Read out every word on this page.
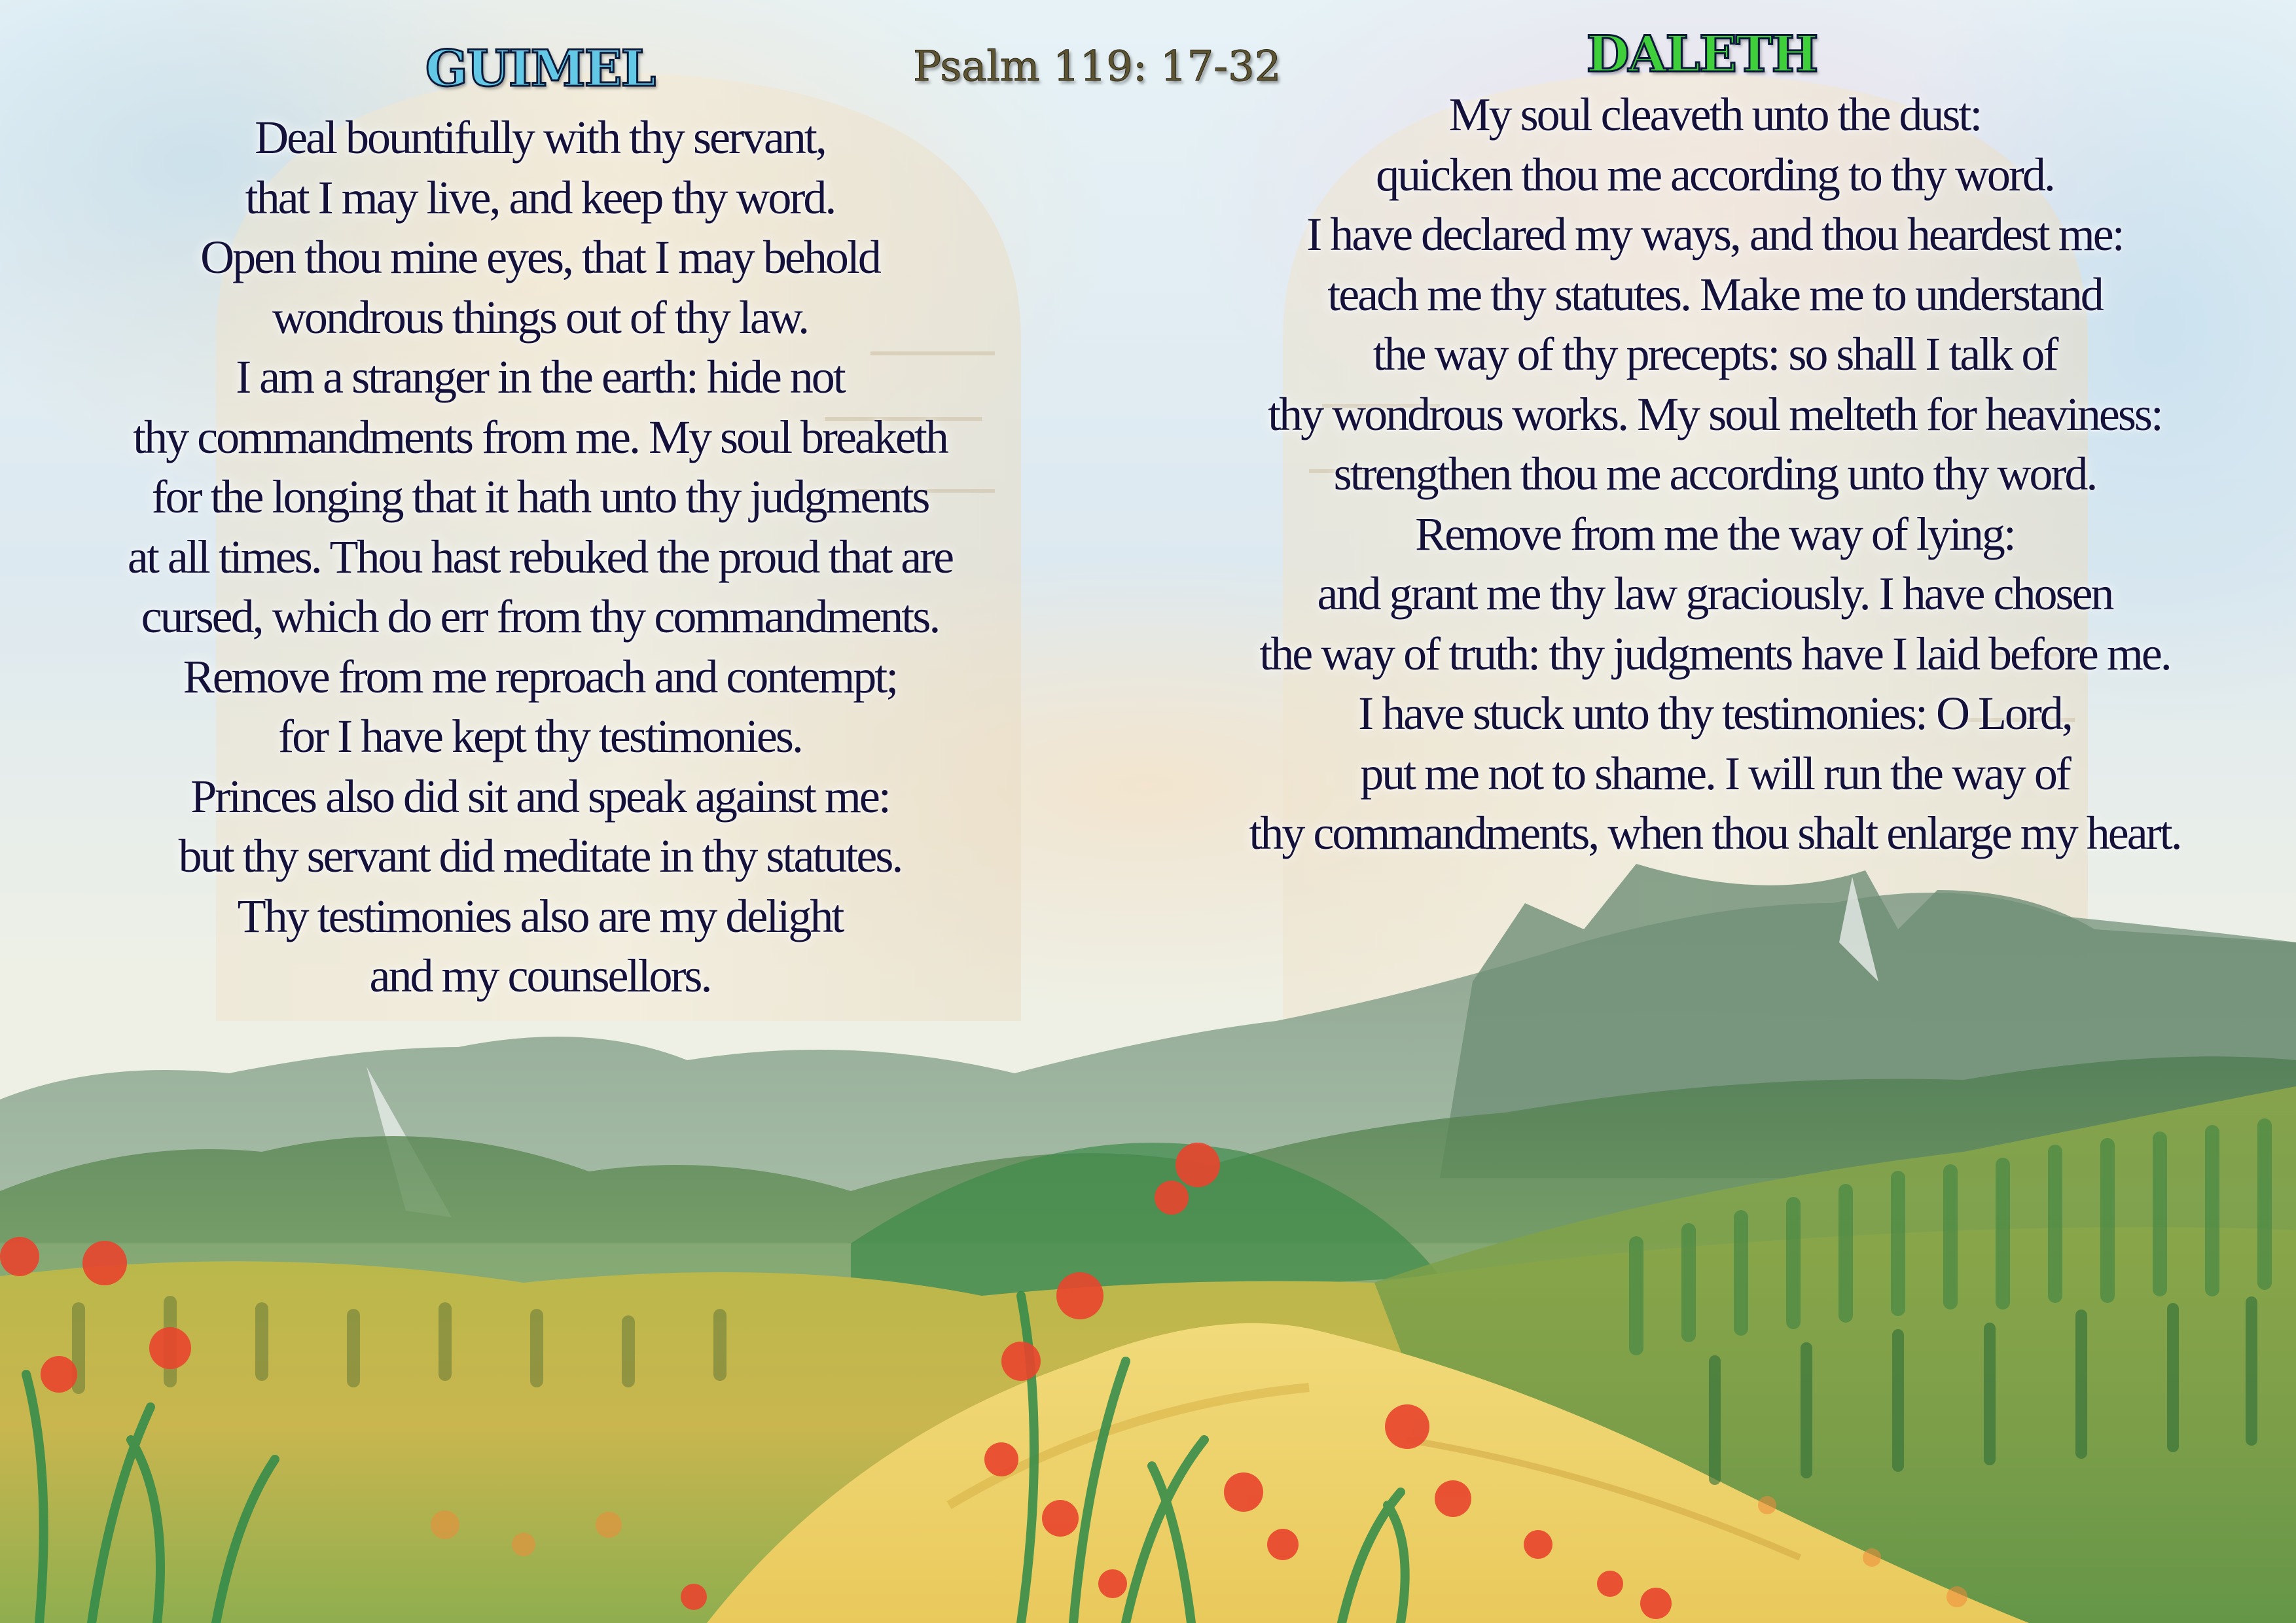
Psalm 119: 17-32
GUIMEL	DALETH
Deal bountifully with thy servant,
that I may live, and keep thy word.
Open thou mine eyes, that I may behold
wondrous things out of thy law.
I am a stranger in the earth: hide not
thy commandments from me. My soul breaketh
for the longing that it hath unto thy judgments
at all times. Thou hast rebuked the proud that are
cursed, which do err from thy commandments.
Remove from me reproach and contempt;
for I have kept thy testimonies.
Princes also did sit and speak against me:
but thy servant did meditate in thy statutes.
Thy testimonies also are my delight
and my counsellors.
My soul cleaveth unto the dust:
quicken thou me according to thy word.
I have declared my ways, and thou heardest me:
teach me thy statutes. Make me to understand
the way of thy precepts: so shall I talk of
thy wondrous works. My soul melteth for heaviness:
strengthen thou me according unto thy word.
Remove from me the way of lying:
and grant me thy law graciously. I have chosen
the way of truth: thy judgments have I laid before me.
I have stuck unto thy testimonies: O Lord,
put me not to shame. I will run the way of
thy commandments, when thou shalt enlarge my heart.
